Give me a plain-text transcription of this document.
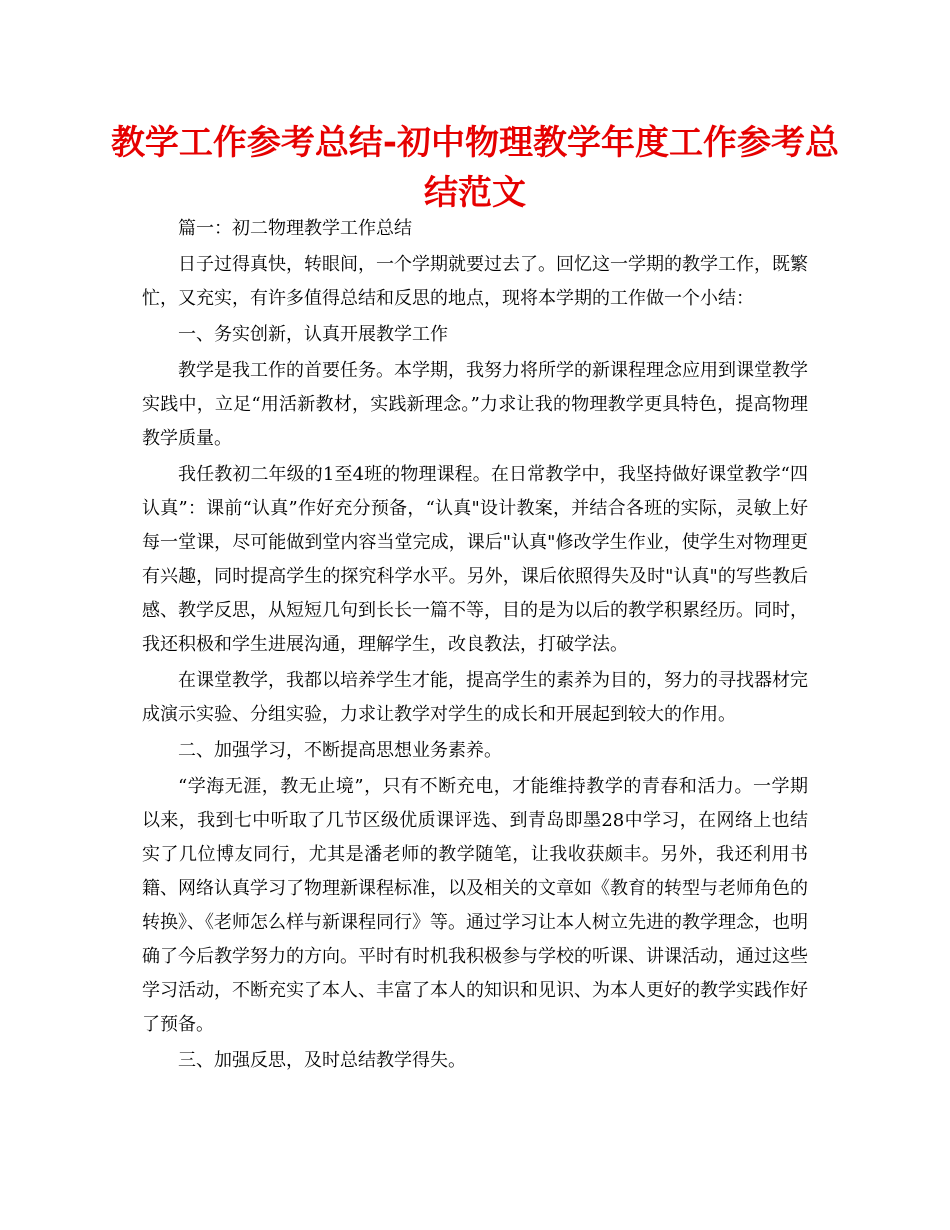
教学工作参考总结-初中物理教学年度工作参考总结范文

篇一：初二物理教学工作总结

日子过得真快，转眼间，一个学期就要过去了。回忆这一学期的教学工作，既繁忙，又充实，有许多值得总结和反思的地点，现将本学期的工作做一个小结：

一、务实创新，认真开展教学工作

教学是我工作的首要任务。本学期，我努力将所学的新课程理念应用到课堂教学实践中，立足“用活新教材，实践新理念。”力求让我的物理教学更具特色，提高物理教学质量。

我任教初二年级的1至4班的物理课程。在日常教学中，我坚持做好课堂教学“四认真”：课前“认真”作好充分预备，“认真"设计教案，并结合各班的实际，灵敏上好每一堂课，尽可能做到堂内容当堂完成，课后"认真"修改学生作业，使学生对物理更有兴趣，同时提高学生的探究科学水平。另外，课后依照得失及时"认真"的写些教后感、教学反思，从短短几句到长长一篇不等，目的是为以后的教学积累经历。同时，我还积极和学生进展沟通，理解学生，改良教法，打破学法。

在课堂教学，我都以培养学生才能，提高学生的素养为目的，努力的寻找器材完成演示实验、分组实验，力求让教学对学生的成长和开展起到较大的作用。

二、加强学习，不断提高思想业务素养。

“学海无涯，教无止境”，只有不断充电，才能维持教学的青春和活力。一学期以来，我到七中听取了几节区级优质课评选、到青岛即墨28中学习，在网络上也结实了几位博友同行，尤其是潘老师的教学随笔，让我收获颇丰。另外，我还利用书籍、网络认真学习了物理新课程标准，以及相关的文章如《教育的转型与老师角色的转换》、《老师怎么样与新课程同行》等。通过学习让本人树立先进的教学理念，也明确了今后教学努力的方向。平时有时机我积极参与学校的听课、讲课活动，通过这些学习活动，不断充实了本人、丰富了本人的知识和见识、为本人更好的教学实践作好了预备。

三、加强反思，及时总结教学得失。
